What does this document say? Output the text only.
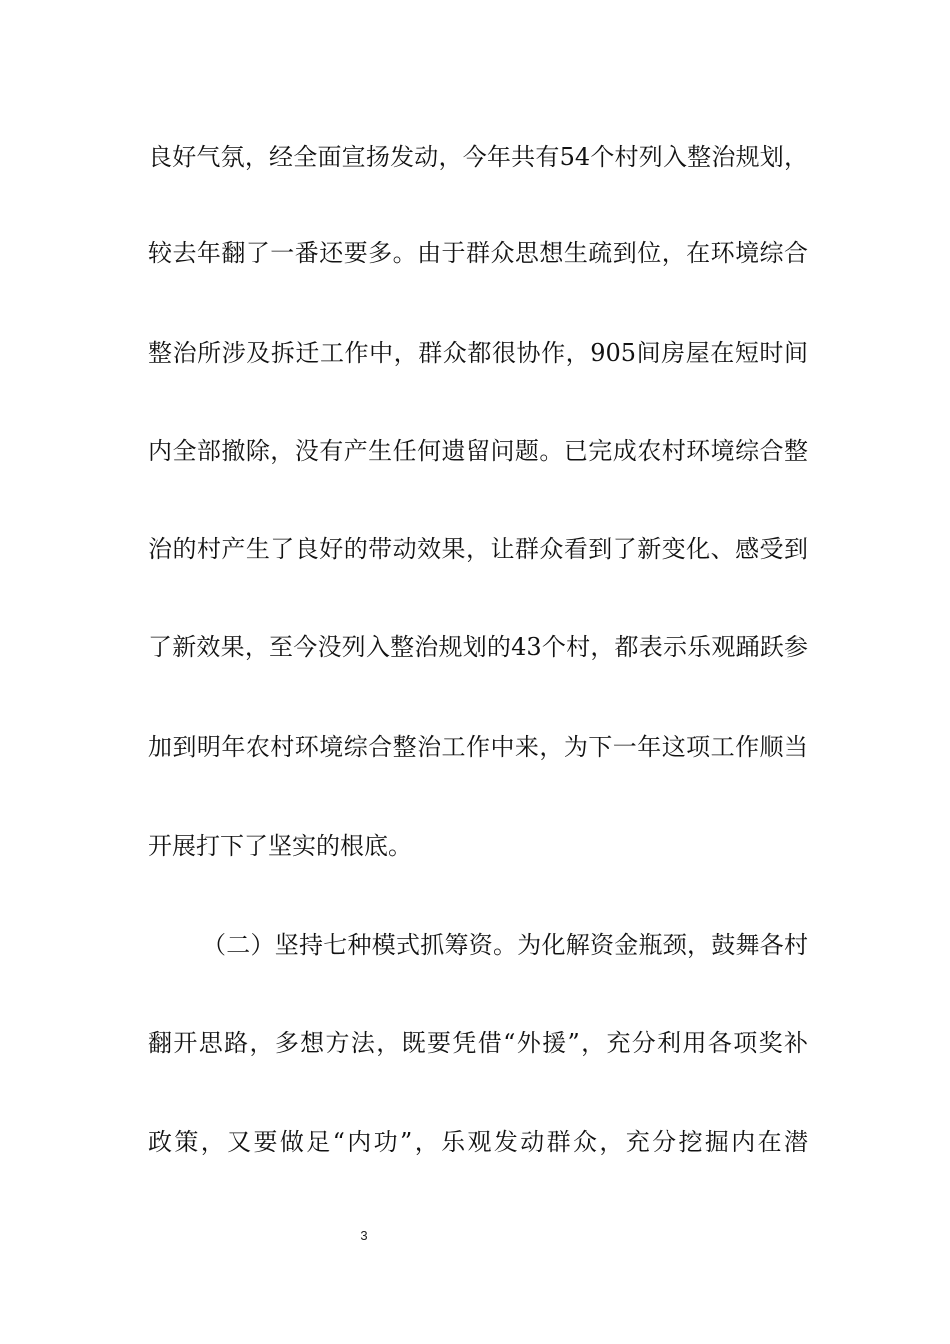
良好气氛，经全面宣扬发动，今年共有54个村列入整治规划，
较去年翻了一番还要多。由于群众思想生疏到位，在环境综合
整治所涉及拆迁工作中，群众都很协作，905间房屋在短时间
内全部撤除，没有产生任何遗留问题。已完成农村环境综合整
治的村产生了良好的带动效果，让群众看到了新变化、感受到
了新效果，至今没列入整治规划的43个村，都表示乐观踊跃参
加到明年农村环境综合整治工作中来，为下一年这项工作顺当
开展打下了坚实的根底。
（二）坚持七种模式抓筹资。为化解资金瓶颈，鼓舞各村
翻开思路，多想方法，既要凭借“外援”，充分利用各项奖补
政策，又要做足“内功”，乐观发动群众，充分挖掘内在潜
3
